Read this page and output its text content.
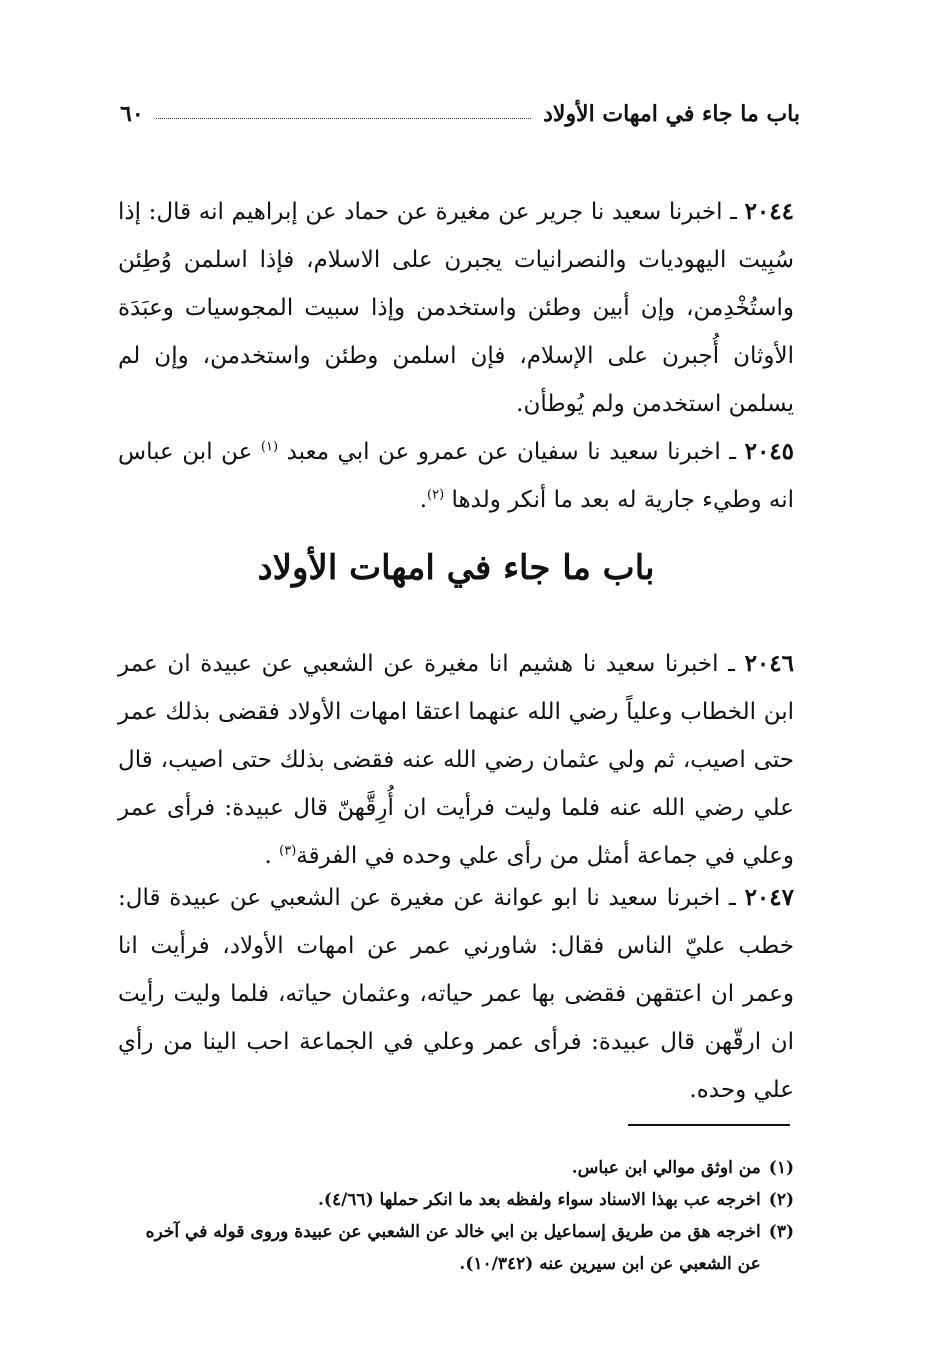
باب ما جاء في امهات الأولاد
٦٠
٢٠٤٤ ـ اخبرنا سعيد نا جرير عن مغيرة عن حماد عن إبراهيم انه قال: إذا سُبِيت اليهوديات والنصرانيات يجبرن على الاسلام، فإذا اسلمن وُطِئن واستُخْدِمن، وإن أبين وطئن واستخدمن وإذا سبيت المجوسيات وعبَدَة الأوثان أُجبرن على الإسلام، فإن اسلمن وطئن واستخدمن، وإن لم يسلمن استخدمن ولم يُوطأن.
٢٠٤٥ ـ اخبرنا سعيد نا سفيان عن عمرو عن ابي معبد $^{(١)}$ عن ابن عباس انه وطيء جارية له بعد ما أنكر ولدها $^{(٢)}$.
باب ما جاء في امهات الأولاد
٢٠٤٦ ـ اخبرنا سعيد نا هشيم انا مغيرة عن الشعبي عن عبيدة ان عمر ابن الخطاب وعلياً رضي الله عنهما اعتقا امهات الأولاد فقضى بذلك عمر حتى اصيب، ثم ولي عثمان رضي الله عنه فقضى بذلك حتى اصيب، قال علي رضي الله عنه فلما وليت فرأيت ان أُرِقَّهنّ قال عبيدة: فرأى عمر وعلي في جماعة أمثل من رأى علي وحده في الفرقة$^{(٣)}$ .
٢٠٤٧ ـ اخبرنا سعيد نا ابو عوانة عن مغيرة عن الشعبي عن عبيدة قال: خطب عليّ الناس فقال: شاورني عمر عن امهات الأولاد، فرأيت انا وعمر ان اعتقهن فقضى بها عمر حياته، وعثمان حياته، فلما وليت رأيت ان ارقّهن قال عبيدة: فرأى عمر وعلي في الجماعة احب الينا من رأي علي وحده.
(١)
من اوثق موالي ابن عباس.
(٢)
اخرجه عب بهذا الاسناد سواء ولفظه بعد ما انكر حملها (٤/٦٦).
(٣)
اخرجه هق من طريق إسماعيل بن ابي خالد عن الشعبي عن عبيدة وروى قوله في آخره عن الشعبي عن ابن سيرين عنه (١٠/٣٤٢).
